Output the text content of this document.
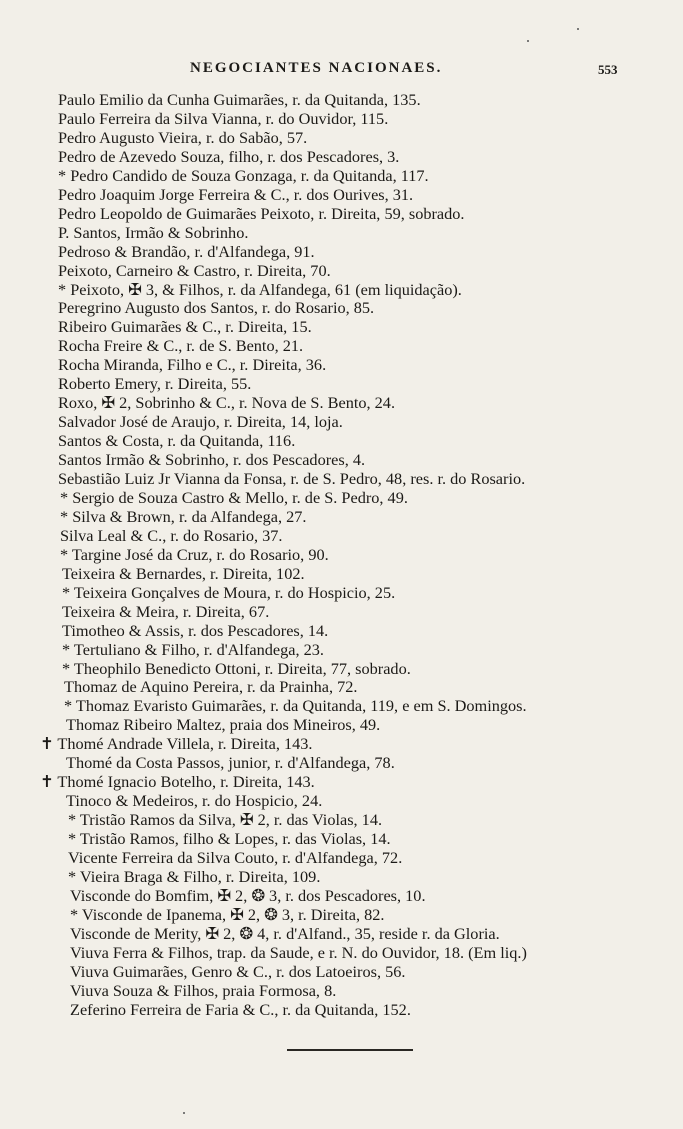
NEGOCIANTES NACIONAES.	553
Paulo Emilio da Cunha Guimarães, r. da Quitanda, 135.
Paulo Ferreira da Silva Vianna, r. do Ouvidor, 115.
Pedro Augusto Vieira, r. do Sabão, 57.
Pedro de Azevedo Souza, filho, r. dos Pescadores, 3.
* Pedro Candido de Souza Gonzaga, r. da Quitanda, 117.
Pedro Joaquim Jorge Ferreira & C., r. dos Ourives, 31.
Pedro Leopoldo de Guimarães Peixoto, r. Direita, 59, sobrado.
P. Santos, Irmão & Sobrinho.
Pedroso & Brandão, r. d'Alfandega, 91.
Peixoto, Carneiro & Castro, r. Direita, 70.
* Peixoto, ✠ 3, & Filhos, r. da Alfandega, 61 (em liquidação).
Peregrino Augusto dos Santos, r. do Rosario, 85.
Ribeiro Guimarães & C., r. Direita, 15.
Rocha Freire & C., r. de S. Bento, 21.
Rocha Miranda, Filho e C., r. Direita, 36.
Roberto Emery, r. Direita, 55.
Roxo, ✠ 2, Sobrinho & C., r. Nova de S. Bento, 24.
Salvador José de Araujo, r. Direita, 14, loja.
Santos & Costa, r. da Quitanda, 116.
Santos Irmão & Sobrinho, r. dos Pescadores, 4.
Sebastião Luiz Jr Vianna da Fonsa, r. de S. Pedro, 48, res. r. do Rosario.
* Sergio de Souza Castro & Mello, r. de S. Pedro, 49.
* Silva & Brown, r. da Alfandega, 27.
Silva Leal & C., r. do Rosario, 37.
* Targine José da Cruz, r. do Rosario, 90.
Teixeira & Bernardes, r. Direita, 102.
* Teixeira Gonçalves de Moura, r. do Hospicio, 25.
Teixeira & Meira, r. Direita, 67.
Timotheo & Assis, r. dos Pescadores, 14.
* Tertuliano & Filho, r. d'Alfandega, 23.
* Theophilo Benedicto Ottoni, r. Direita, 77, sobrado.
Thomaz de Aquino Pereira, r. da Prainha, 72.
* Thomaz Evaristo Guimarães, r. da Quitanda, 119, e em S. Domingos.
Thomaz Ribeiro Maltez, praia dos Mineiros, 49.
✝ Thomé Andrade Villela, r. Direita, 143.
Thomé da Costa Passos, junior, r. d'Alfandega, 78.
✝ Thomé Ignacio Botelho, r. Direita, 143.
Tinoco & Medeiros, r. do Hospicio, 24.
* Tristão Ramos da Silva, ✠ 2, r. das Violas, 14.
* Tristão Ramos, filho & Lopes, r. das Violas, 14.
Vicente Ferreira da Silva Couto, r. d'Alfandega, 72.
* Vieira Braga & Filho, r. Direita, 109.
Visconde do Bomfim, ✠ 2, ❂ 3, r. dos Pescadores, 10.
* Visconde de Ipanema, ✠ 2, ❂ 3, r. Direita, 82.
Visconde de Merity, ✠ 2, ❂ 4, r. d'Alfand., 35, reside r. da Gloria.
Viuva Ferra & Filhos, trap. da Saude, e r. N. do Ouvidor, 18. (Em liq.)
Viuva Guimarães, Genro & C., r. dos Latoeiros, 56.
Viuva Souza & Filhos, praia Formosa, 8.
Zeferino Ferreira de Faria & C., r. da Quitanda, 152.
